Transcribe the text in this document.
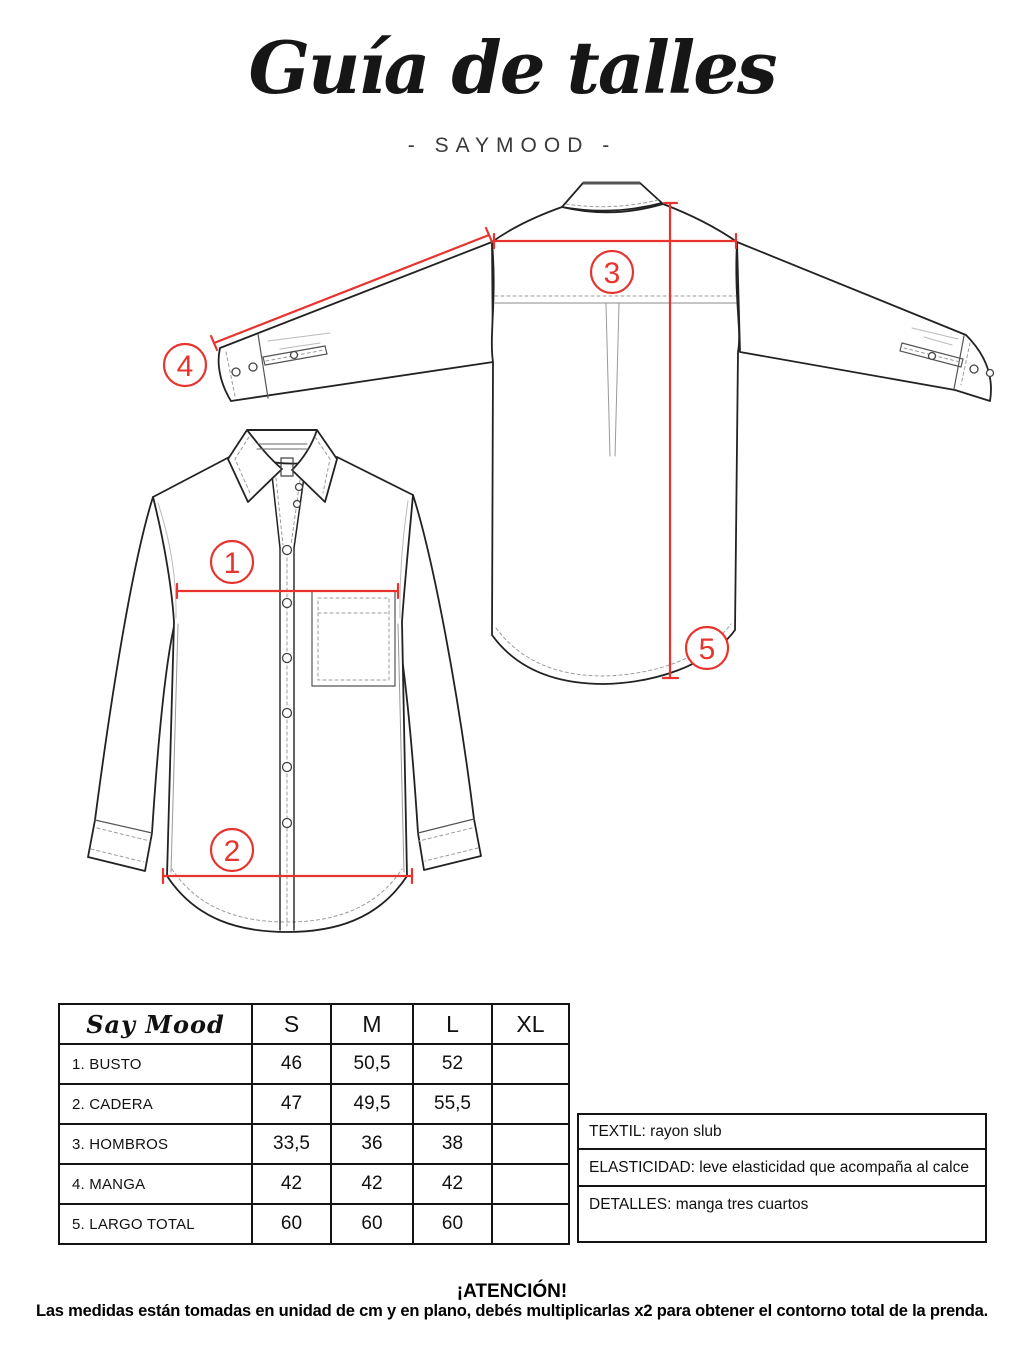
Guía de talles
- SAYMOOD -
1
2
3
4
5
Say Mood	S	M	L	XL
1. BUSTO	46	50,5	52	
2. CADERA	47	49,5	55,5	
3. HOMBROS	33,5	36	38	
4. MANGA	42	42	42	
5. LARGO TOTAL	60	60	60	
TEXTIL: rayon slub
ELASTICIDAD: leve elasticidad que acompaña al calce
DETALLES: manga tres cuartos
¡ATENCIÓN!
Las medidas están tomadas en unidad de cm y en plano, debés multiplicarlas x2 para obtener el contorno total de la prenda.
